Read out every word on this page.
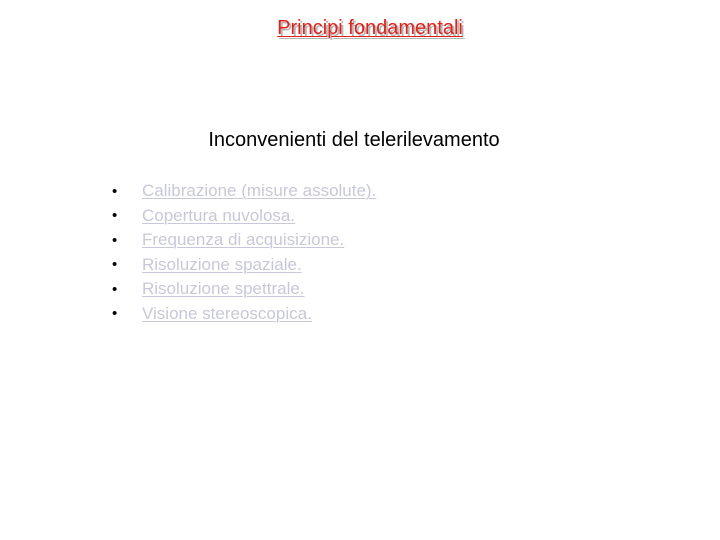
Principi fondamentali
Inconvenienti del telerilevamento
•	Calibrazione (misure assolute).
•	Copertura nuvolosa.
•	Frequenza di acquisizione.
•	Risoluzione spaziale.
•	Risoluzione spettrale.
•	Visione stereoscopica.
